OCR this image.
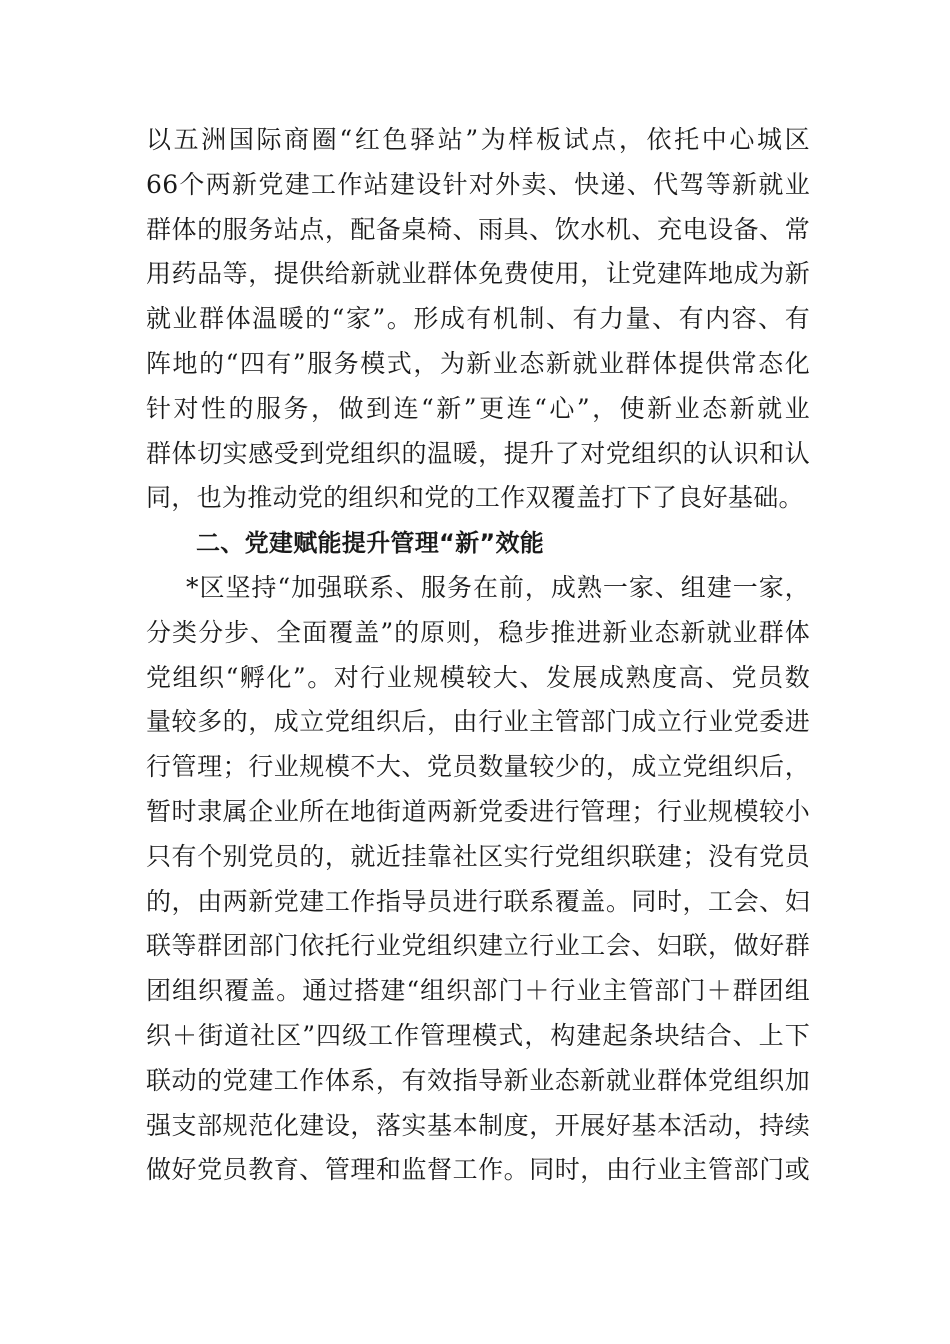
以五洲国际商圈“红色驿站”为样板试点，依托中心城区
66个两新党建工作站建设针对外卖、快递、代驾等新就业
群体的服务站点，配备桌椅、雨具、饮水机、充电设备、常
用药品等，提供给新就业群体免费使用，让党建阵地成为新
就业群体温暖的“家”。形成有机制、有力量、有内容、有
阵地的“四有”服务模式，为新业态新就业群体提供常态化
针对性的服务，做到连“新”更连“心”，使新业态新就业
群体切实感受到党组织的温暖，提升了对党组织的认识和认
同，也为推动党的组织和党的工作双覆盖打下了良好基础。
二、党建赋能提升管理“新”效能
*区坚持“加强联系、服务在前，成熟一家、组建一家，
分类分步、全面覆盖”的原则，稳步推进新业态新就业群体
党组织“孵化”。对行业规模较大、发展成熟度高、党员数
量较多的，成立党组织后，由行业主管部门成立行业党委进
行管理；行业规模不大、党员数量较少的，成立党组织后，
暂时隶属企业所在地街道两新党委进行管理；行业规模较小
只有个别党员的，就近挂靠社区实行党组织联建；没有党员
的，由两新党建工作指导员进行联系覆盖。同时，工会、妇
联等群团部门依托行业党组织建立行业工会、妇联，做好群
团组织覆盖。通过搭建“组织部门＋行业主管部门＋群团组
织＋街道社区”四级工作管理模式，构建起条块结合、上下
联动的党建工作体系，有效指导新业态新就业群体党组织加
强支部规范化建设，落实基本制度，开展好基本活动，持续
做好党员教育、管理和监督工作。同时，由行业主管部门或
